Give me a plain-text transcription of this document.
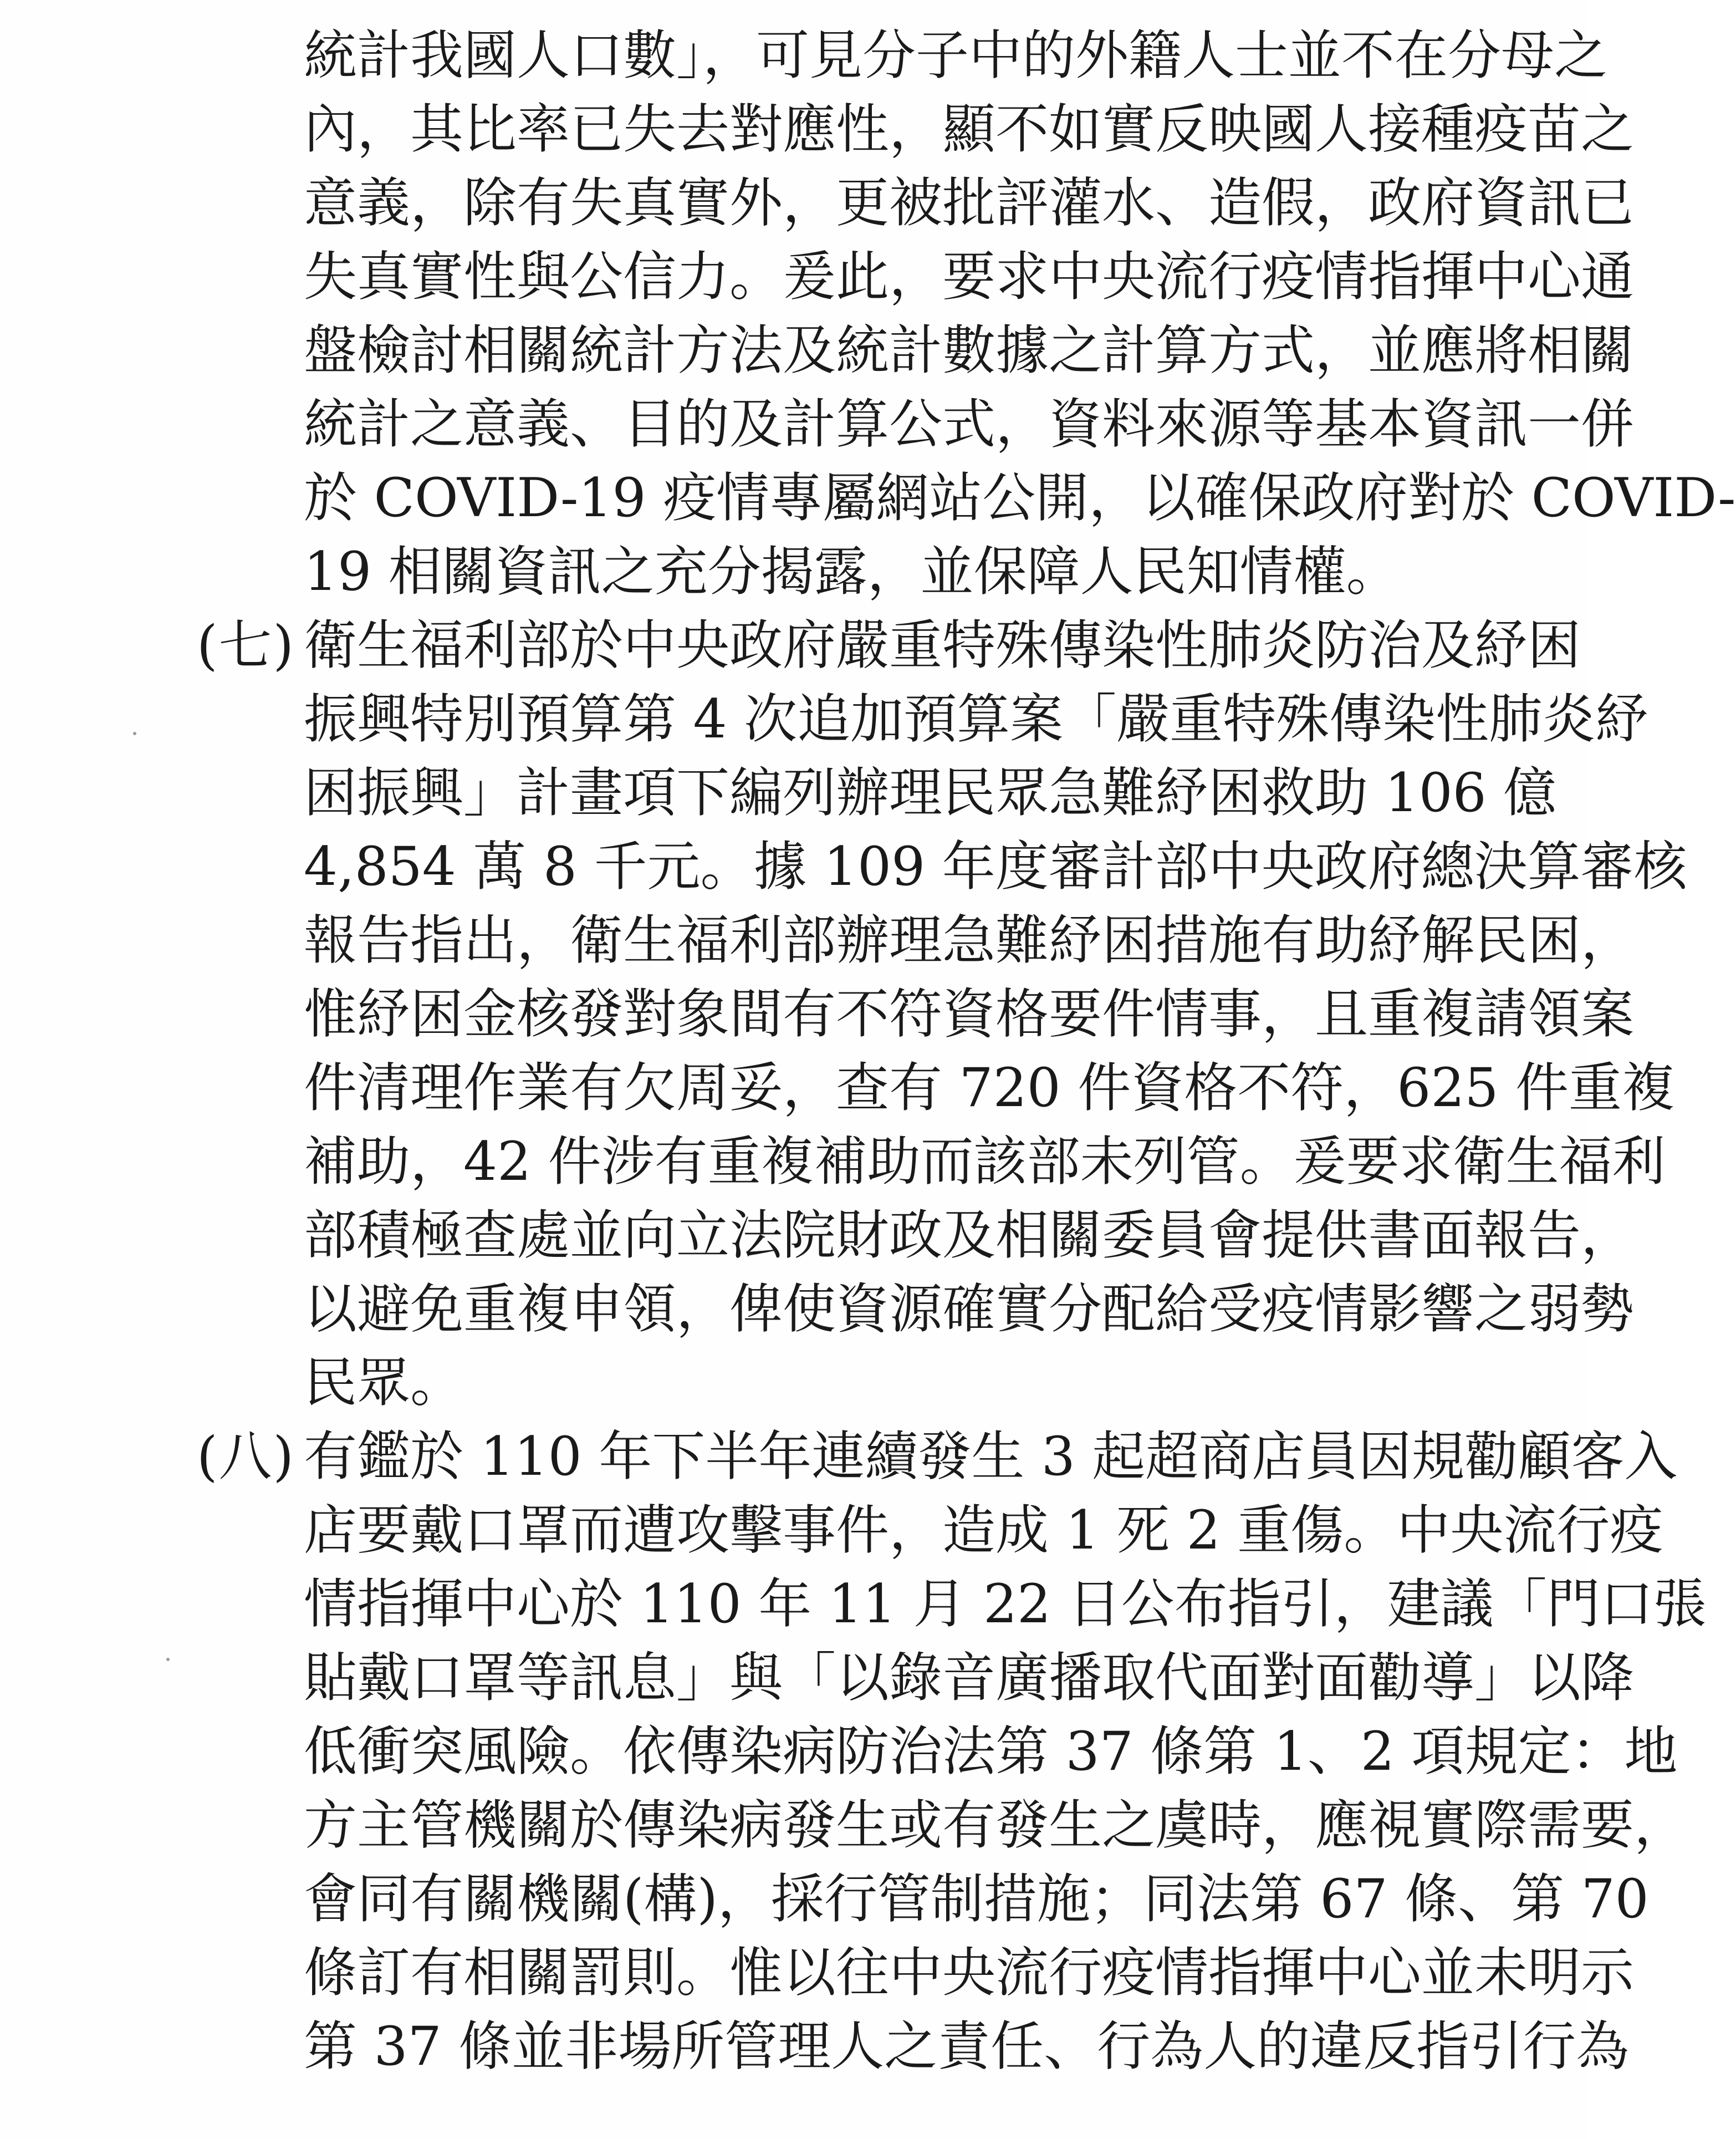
統計我國人口數」，可見分子中的外籍人士並不在分母之
內，其比率已失去對應性，顯不如實反映國人接種疫苗之
意義，除有失真實外，更被批評灌水、造假，政府資訊已
失真實性與公信力。爰此，要求中央流行疫情指揮中心通
盤檢討相關統計方法及統計數據之計算方式，並應將相關
統計之意義、目的及計算公式，資料來源等基本資訊一併
於 COVID-19 疫情專屬網站公開，以確保政府對於 COVID-
19 相關資訊之充分揭露，並保障人民知情權。
(七) 衛生福利部於中央政府嚴重特殊傳染性肺炎防治及紓困
振興特別預算第 4 次追加預算案「嚴重特殊傳染性肺炎紓
困振興」計畫項下編列辦理民眾急難紓困救助 106 億
4,854 萬 8 千元。據 109 年度審計部中央政府總決算審核
報告指出，衛生福利部辦理急難紓困措施有助紓解民困，
惟紓困金核發對象間有不符資格要件情事，且重複請領案
件清理作業有欠周妥，查有 720 件資格不符，625 件重複
補助，42 件涉有重複補助而該部未列管。爰要求衛生福利
部積極查處並向立法院財政及相關委員會提供書面報告，
以避免重複申領，俾使資源確實分配給受疫情影響之弱勢
民眾。
(八) 有鑑於 110 年下半年連續發生 3 起超商店員因規勸顧客入
店要戴口罩而遭攻擊事件，造成 1 死 2 重傷。中央流行疫
情指揮中心於 110 年 11 月 22 日公布指引，建議「門口張
貼戴口罩等訊息」與「以錄音廣播取代面對面勸導」以降
低衝突風險。依傳染病防治法第 37 條第 1、2 項規定：地
方主管機關於傳染病發生或有發生之虞時，應視實際需要，
會同有關機關(構)，採行管制措施；同法第 67 條、第 70
條訂有相關罰則。惟以往中央流行疫情指揮中心並未明示
第 37 條並非場所管理人之責任、行為人的違反指引行為
